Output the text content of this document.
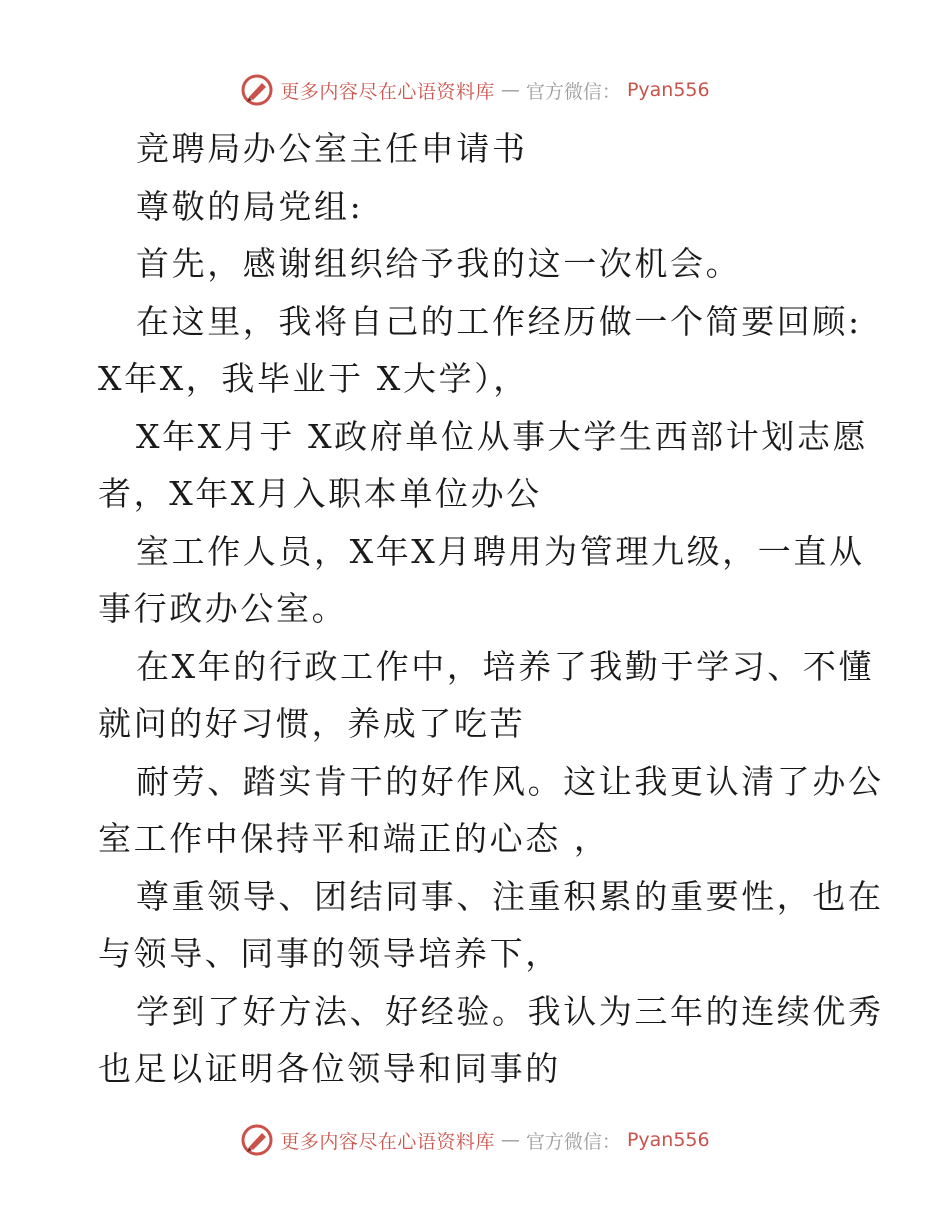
更多内容尽在心语资料库 — 官方微信： Pyan556
竞聘局办公室主任申请书
尊敬的局党组:
首先，感谢组织给予我的这一次机会。
在这里，我将自己的工作经历做一个简要回顾:
X年X，我毕业于 X大学），
X年X月于 X政府单位从事大学生西部计划志愿
者，X年X月入职本单位办公
室工作人员，X年X月聘用为管理九级，一直从
事行政办公室。
在X年的行政工作中，培养了我勤于学习、不懂
就问的好习惯，养成了吃苦
耐劳、踏实肯干的好作风。这让我更认清了办公
室工作中保持平和端正的心态 ，
尊重领导、团结同事、注重积累的重要性，也在
与领导、同事的领导培养下，
学到了好方法、好经验。我认为三年的连续优秀
也足以证明各位领导和同事的
更多内容尽在心语资料库 — 官方微信： Pyan556
